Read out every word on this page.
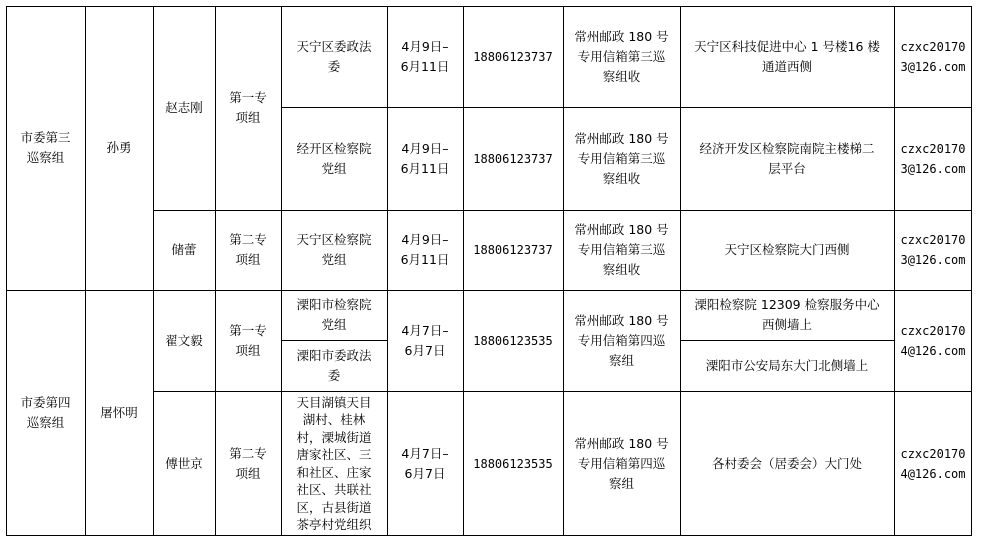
市委第三
巡察组
孙勇
赵志刚
第一专
项组
天宁区委政法
委
4月9日–
6月11日
18806123737
常州邮政 180 号
专用信箱第三巡
察组收
天宁区科技促进中心 1 号楼16 楼
通道西侧
czxc20170
3@126.com
经开区检察院
党组
4月9日–
6月11日
18806123737
常州邮政 180 号
专用信箱第三巡
察组收
经济开发区检察院南院主楼梯二
层平台
czxc20170
3@126.com
储蕾
第二专
项组
天宁区检察院
党组
4月9日–
6月11日
18806123737
常州邮政 180 号
专用信箱第三巡
察组收
天宁区检察院大门西侧
czxc20170
3@126.com
市委第四
巡察组
屠怀明
翟文毅
第一专
项组
溧阳市检察院
党组
溧阳市委政法
委
4月7日–
6月7日
18806123535
常州邮政 180 号
专用信箱第四巡
察组
溧阳检察院 12309 检察服务中心
西侧墙上
溧阳市公安局东大门北侧墙上
czxc20170
4@126.com
傅世京
第二专
项组
天目湖镇天目
湖村、桂林
村，溧城街道
唐家社区、三
和社区、庄家
社区、共联社
区，古县街道
茶亭村党组织
4月7日–
6月7日
18806123535
常州邮政 180 号
专用信箱第四巡
察组
各村委会（居委会）大门处
czxc20170
4@126.com
